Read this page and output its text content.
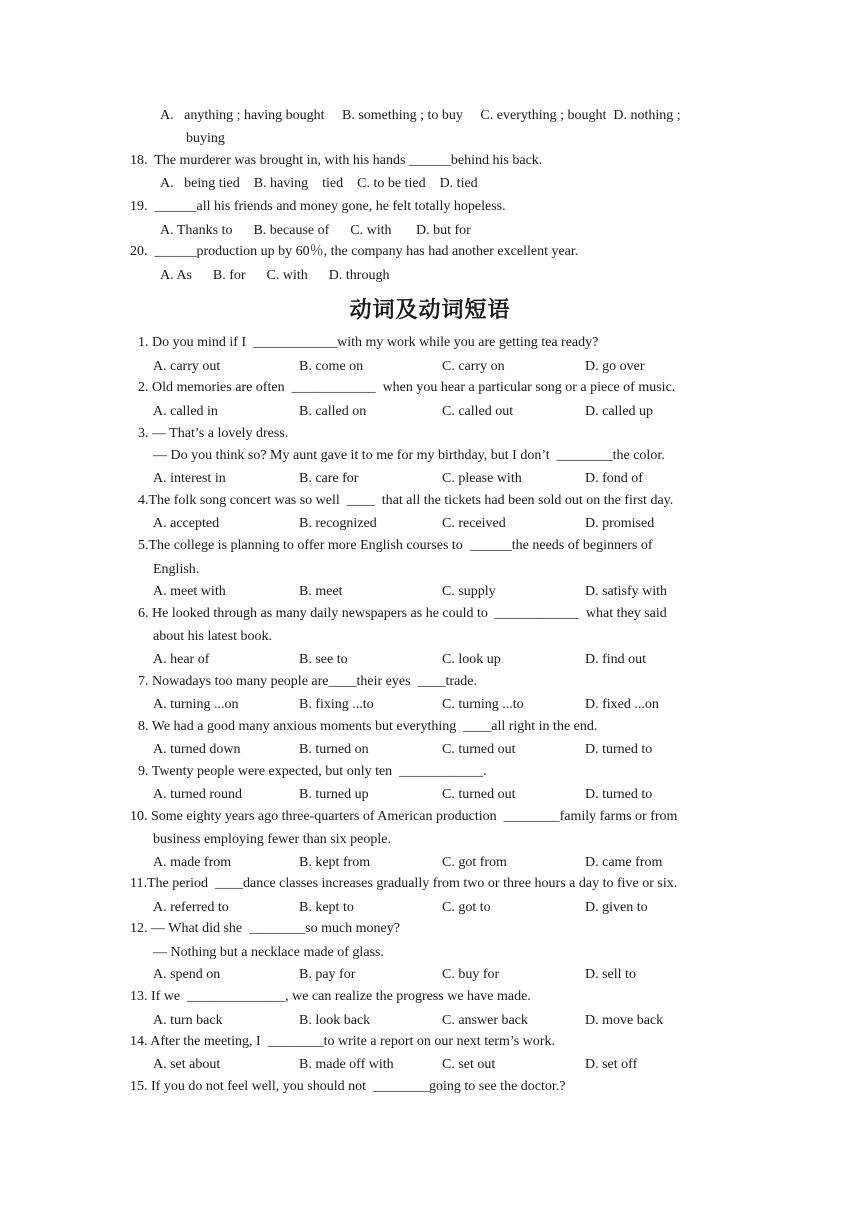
A.   anything ; having bought     B. something ; to buy     C. everything ; bought  D. nothing ;
buying
18.  The murderer was brought in, with his hands ______behind his back.
A.   being tied    B. having    tied    C. to be tied    D. tied
19.  ______all his friends and money gone, he felt totally hopeless.
A. Thanks to      B. because of      C. with       D. but for
20.  ______production up by 60％, the company has had another excellent year.
A. As      B. for      C. with      D. through
动词及动词短语
1. Do you mind if I  ____________with my work while you are getting tea ready?
A. carry out	B. come on	C. carry on	D. go over
2. Old memories are often  ____________  when you hear a particular song or a piece of music.
A. called in	B. called on	C. called out	D. called up
3. — That’s a lovely dress.
— Do you think so? My aunt gave it to me for my birthday, but I don’t  ________the color.
A. interest in	B. care for	C. please with	D. fond of
4.The folk song concert was so well  ____  that all the tickets had been sold out on the first day.
A. accepted	B. recognized	C. received	D. promised
5.The college is planning to offer more English courses to  ______the needs of beginners of
English.
A. meet with	B. meet	C. supply	D. satisfy with
6. He looked through as many daily newspapers as he could to  ____________  what they said
about his latest book.
A. hear of	B. see to	C. look up	D. find out
7. Nowadays too many people are____their eyes  ____trade.
A. turning ...on	B. fixing ...to	C. turning ...to	D. fixed ...on
8. We had a good many anxious moments but everything  ____all right in the end.
A. turned down	B. turned on	C. turned out	D. turned to
9. Twenty people were expected, but only ten  ____________.
A. turned round	B. turned up	C. turned out	D. turned to
10. Some eighty years ago three-quarters of American production  ________family farms or from
business employing fewer than six people.
A. made from	B. kept from	C. got from	D. came from
11.The period  ____dance classes increases gradually from two or three hours a day to five or six.
A. referred to	B. kept to	C. got to	D. given to
12. — What did she  ________so much money?
— Nothing but a necklace made of glass.
A. spend on	B. pay for	C. buy for	D. sell to
13. If we  ______________, we can realize the progress we have made.
A. turn back	B. look back	C. answer back	D. move back
14. After the meeting, I  ________to write a report on our next term’s work.
A. set about	B. made off with	C. set out	D. set off
15. If you do not feel well, you should not  ________going to see the doctor.?
